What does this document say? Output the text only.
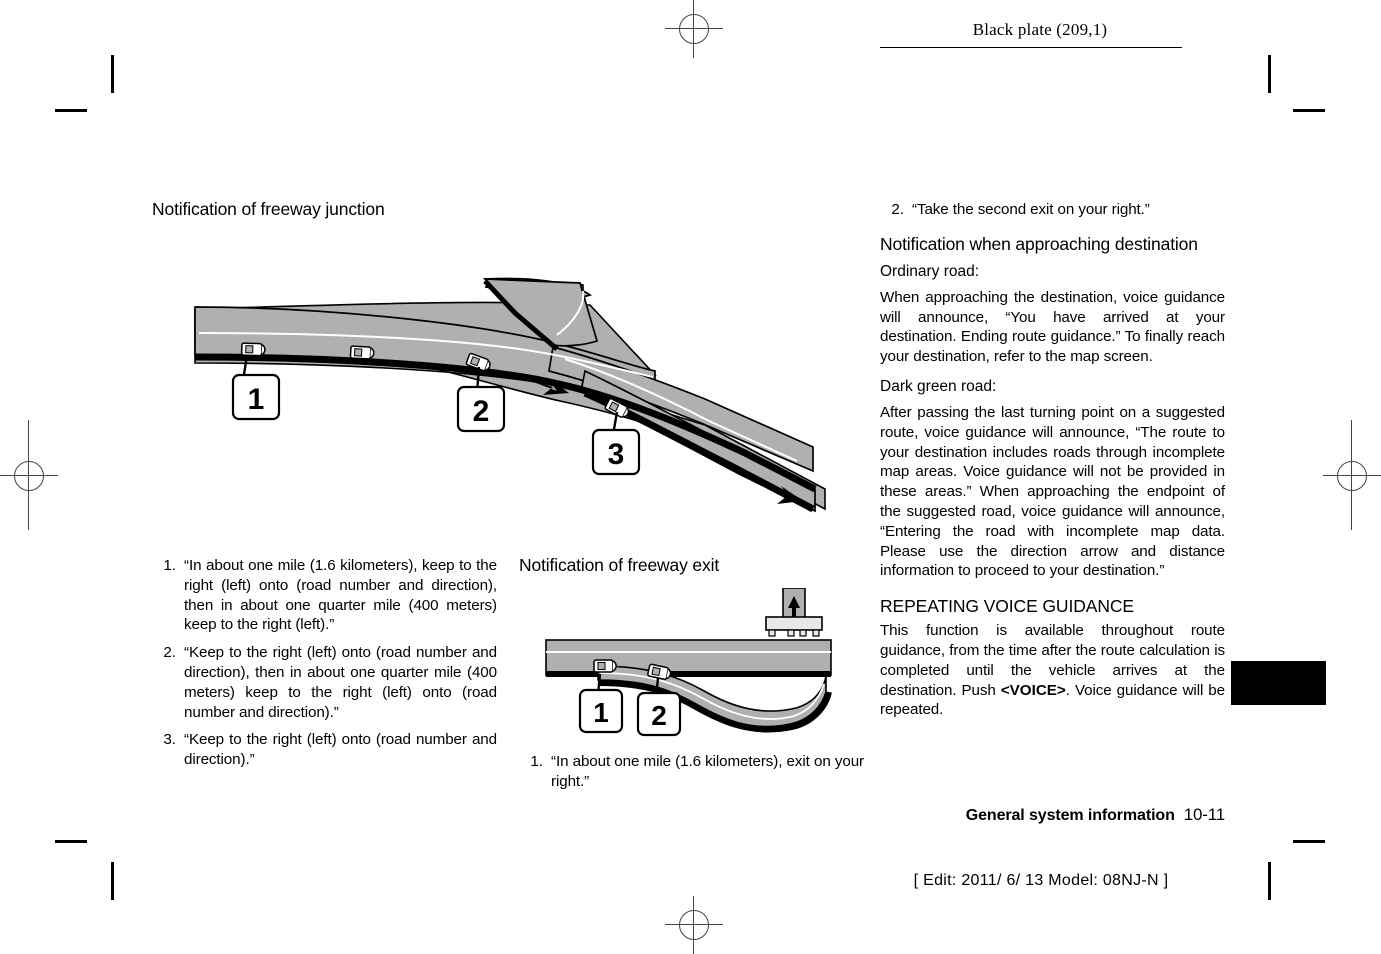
Black plate (209,1)
Notification of freeway junction
1	2
3
1. “In about one mile (1.6 kilometers), keep to the right (left) onto (road number and direction), then in about one quarter mile (400 meters) keep to the right (left).”
2. “Keep to the right (left) onto (road number and direction), then in about one quarter mile (400 meters) keep to the right (left) onto (road number and direction).”
3. “Keep to the right (left) onto (road number and direction).”
Notification of freeway exit
1 2
1. “In about one mile (1.6 kilometers), exit on your right.”
2. “Take the second exit on your right.”
Notification when approaching destination
Ordinary road:

When approaching the destination, voice guidance will announce, “You have arrived at your destination. Ending route guidance.” To finally reach your destination, refer to the map screen.

Dark green road:

After passing the last turning point on a suggested route, voice guidance will announce, “The route to your destination includes roads through incomplete map areas. Voice guidance will not be provided in these areas.” When approaching the endpoint of the suggested road, voice guidance will announce, “Entering the road with incomplete map data. Please use the direction arrow and distance information to proceed to your destination.”

REPEATING VOICE GUIDANCE

This function is available throughout route guidance, from the time after the route calculation is completed until the vehicle arrives at the destination. Push <VOICE>. Voice guidance will be repeated.

General system information 10-11
[ Edit: 2011/ 6/ 13 Model: 08NJ-N ]
